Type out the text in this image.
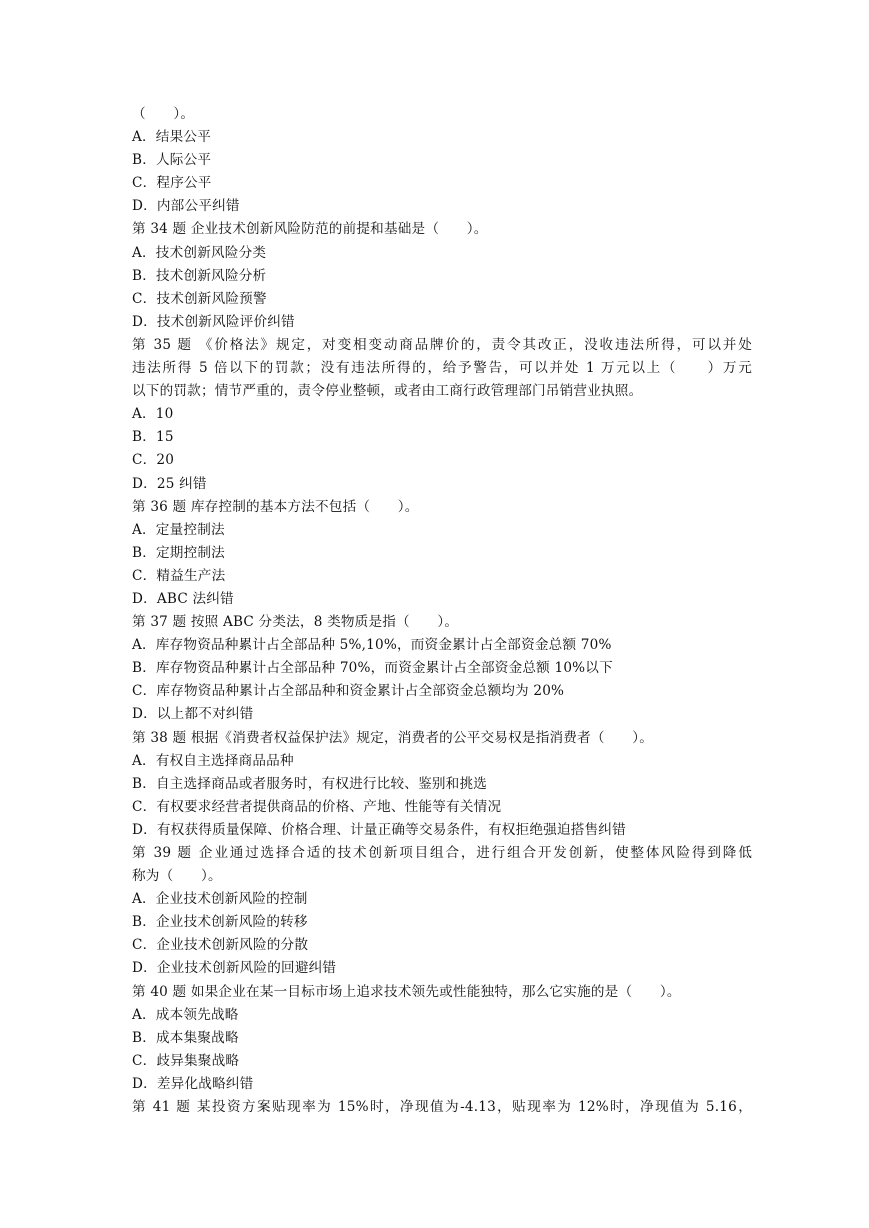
（　　）。
A．结果公平
B．人际公平
C．程序公平
D．内部公平纠错
第 34 题 企业技术创新风险防范的前提和基础是（　　）。
A．技术创新风险分类
B．技术创新风险分析
C．技术创新风险预警
D．技术创新风险评价纠错
第 35 题 《价格法》规定，对变相变动商品牌价的，责令其改正，没收违法所得，可以并处
违法所得 5 倍以下的罚款；没有违法所得的，给予警告，可以并处 1 万元以上（　　）万元
以下的罚款；情节严重的，责令停业整顿，或者由工商行政管理部门吊销营业执照。
A．10
B．15
C．20
D．25 纠错
第 36 题 库存控制的基本方法不包括（　　）。
A．定量控制法
B．定期控制法
C．精益生产法
D．ABC 法纠错
第 37 题 按照 ABC 分类法，8 类物质是指（　　）。
A．库存物资品种累计占全部品种 5%,10%，而资金累计占全部资金总额 70%
B．库存物资品种累计占全部品种 70%，而资金累计占全部资金总额 10%以下
C．库存物资品种累计占全部品种和资金累计占全部资金总额均为 20%
D．以上都不对纠错
第 38 题 根据《消费者权益保护法》规定，消费者的公平交易权是指消费者（　　）。
A．有权自主选择商品品种
B．自主选择商品或者服务时，有权进行比较、鉴别和挑选
C．有权要求经营者提供商品的价格、产地、性能等有关情况
D．有权获得质量保障、价格合理、计量正确等交易条件，有权拒绝强迫搭售纠错
第 39 题 企业通过选择合适的技术创新项目组合，进行组合开发创新，使整体风险得到降低
称为（　　）。
A．企业技术创新风险的控制
B．企业技术创新风险的转移
C．企业技术创新风险的分散
D．企业技术创新风险的回避纠错
第 40 题 如果企业在某一目标市场上追求技术领先或性能独特，那么它实施的是（　　）。
A．成本领先战略
B．成本集聚战略
C．歧异集聚战略
D．差异化战略纠错
第 41 题 某投资方案贴现率为 15%时，净现值为-4.13，贴现率为 12%时，净现值为 5.16，
